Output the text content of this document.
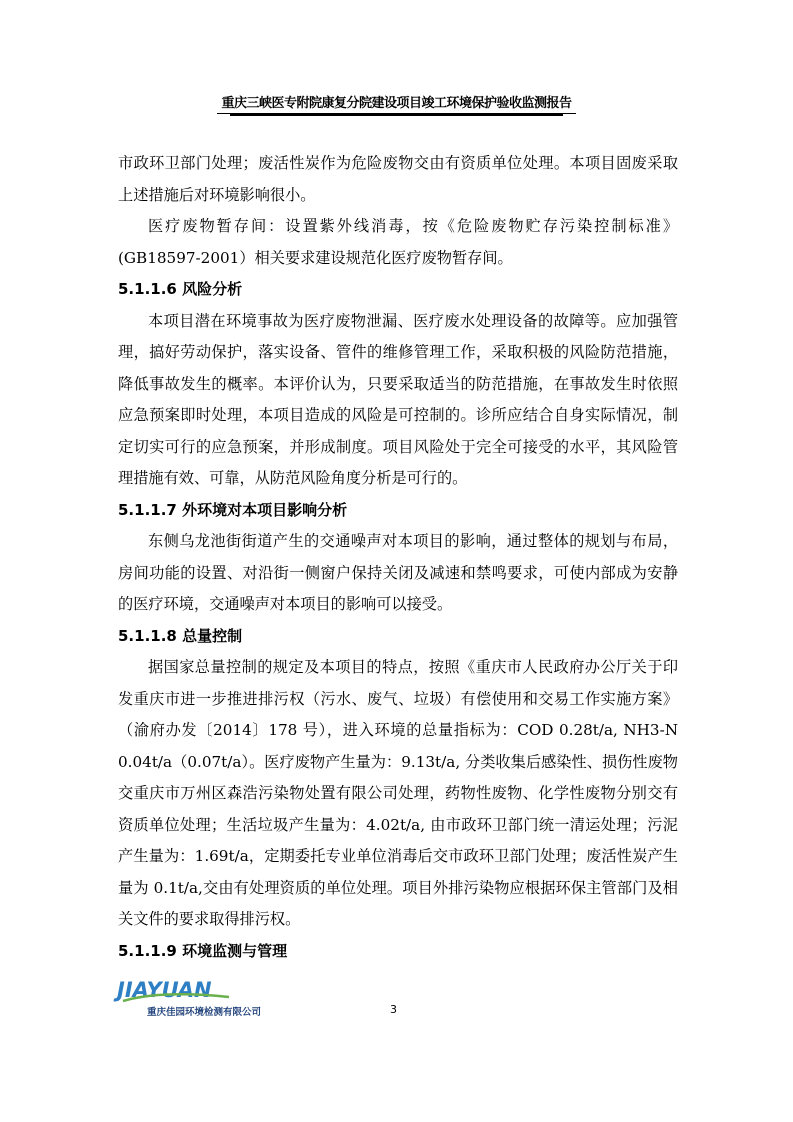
重庆三峡医专附院康复分院建设项目竣工环境保护验收监测报告

市政环卫部门处理；废活性炭作为危险废物交由有资质单位处理。本项目固废采取上述措施后对环境影响很小。

医疗废物暂存间：设置紫外线消毒，按《危险废物贮存污染控制标准》(GB18597-2001）相关要求建设规范化医疗废物暂存间。

5.1.1.6 风险分析

本项目潜在环境事故为医疗废物泄漏、医疗废水处理设备的故障等。应加强管理，搞好劳动保护，落实设备、管件的维修管理工作，采取积极的风险防范措施，降低事故发生的概率。本评价认为，只要采取适当的防范措施，在事故发生时依照应急预案即时处理，本项目造成的风险是可控制的。诊所应结合自身实际情况，制定切实可行的应急预案，并形成制度。项目风险处于完全可接受的水平，其风险管理措施有效、可靠，从防范风险角度分析是可行的。

5.1.1.7 外环境对本项目影响分析

东侧乌龙池街街道产生的交通噪声对本项目的影响，通过整体的规划与布局，房间功能的设置、对沿街一侧窗户保持关闭及减速和禁鸣要求，可使内部成为安静的医疗环境，交通噪声对本项目的影响可以接受。

5.1.1.8 总量控制

据国家总量控制的规定及本项目的特点，按照《重庆市人民政府办公厅关于印发重庆市进一步推进排污权（污水、废气、垃圾）有偿使用和交易工作实施方案》（渝府办发〔2014〕178 号），进入环境的总量指标为：COD 0.28t/a, NH3-N 0.04t/a（0.07t/a）。医疗废物产生量为：9.13t/a, 分类收集后感染性、损伤性废物交重庆市万州区森浩污染物处置有限公司处理，药物性废物、化学性废物分别交有资质单位处理；生活垃圾产生量为：4.02t/a, 由市政环卫部门统一清运处理；污泥产生量为：1.69t/a，定期委托专业单位消毒后交市政环卫部门处理；废活性炭产生量为 0.1t/a,交由有处理资质的单位处理。项目外排污染物应根据环保主管部门及相关文件的要求取得排污权。

5.1.1.9 环境监测与管理

JIAYUAN
重庆佳园环境检测有限公司	3
